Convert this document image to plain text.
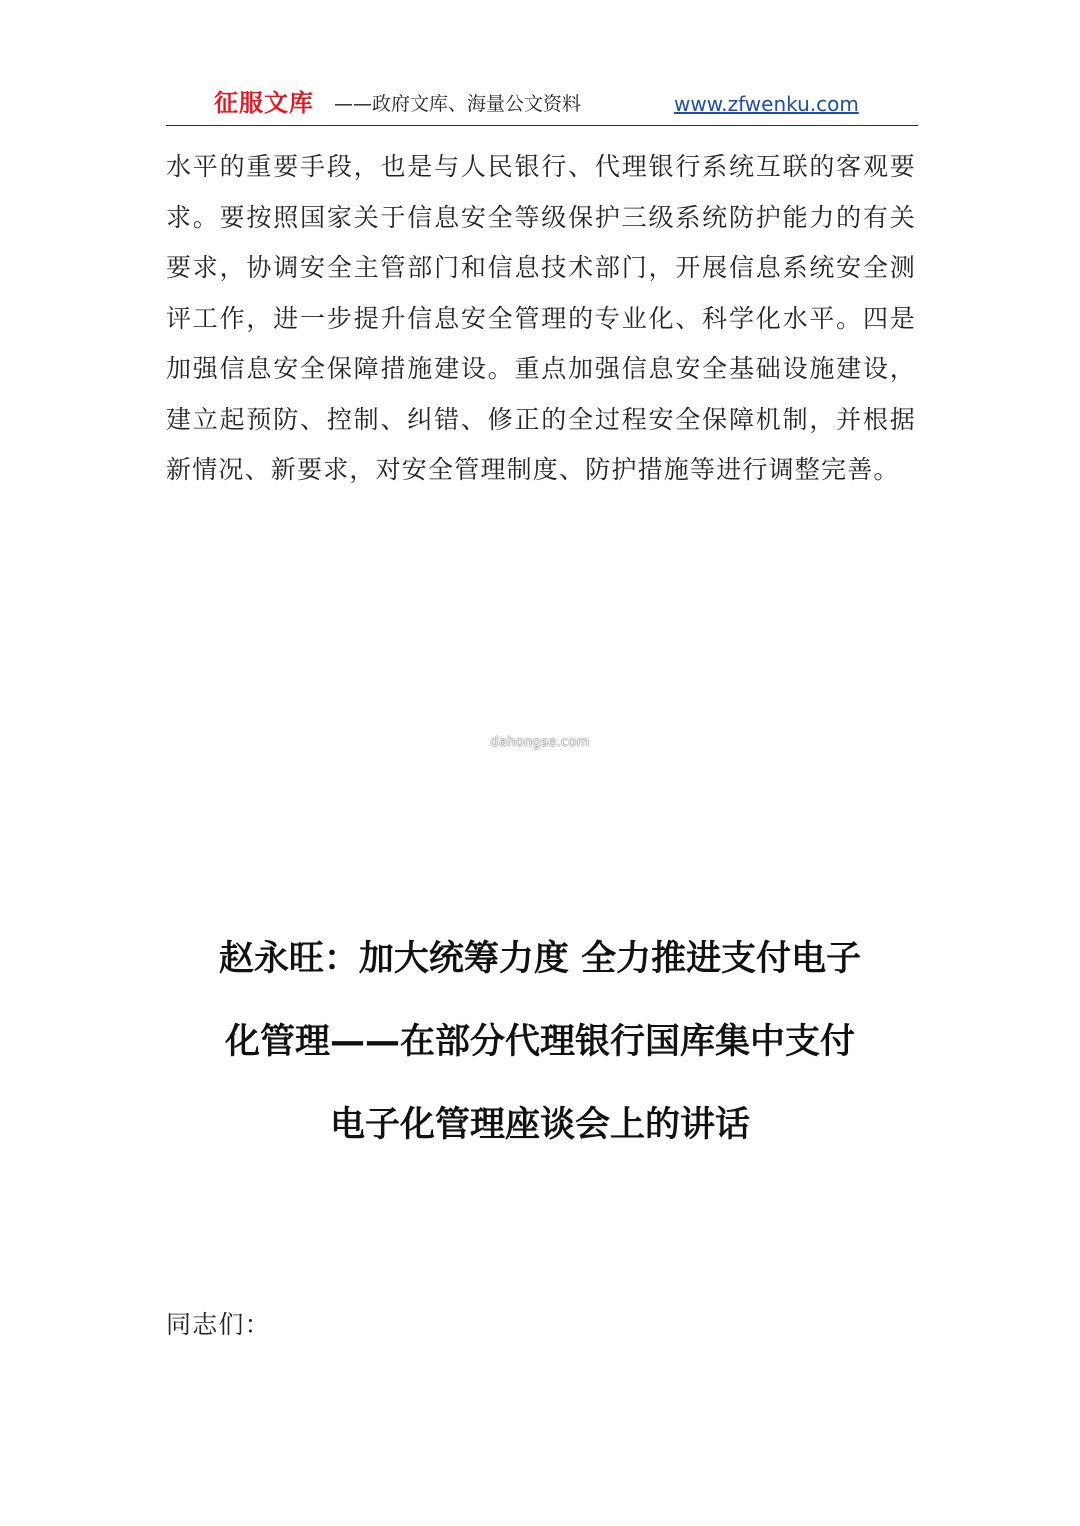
征服文库 ——政府文库、海量公文资料	www.zfwenku.com

水平的重要手段，也是与人民银行、代理银行系统互联的客观要求。要按照国家关于信息安全等级保护三级系统防护能力的有关要求，协调安全主管部门和信息技术部门，开展信息系统安全测评工作，进一步提升信息安全管理的专业化、科学化水平。四是加强信息安全保障措施建设。重点加强信息安全基础设施建设，建立起预防、控制、纠错、修正的全过程安全保障机制，并根据新情况、新要求，对安全管理制度、防护措施等进行调整完善。

dahongse.com
赵永旺：加大统筹力度 全力推进支付电子
化管理——在部分代理银行国库集中支付
电子化管理座谈会上的讲话

同志们：
